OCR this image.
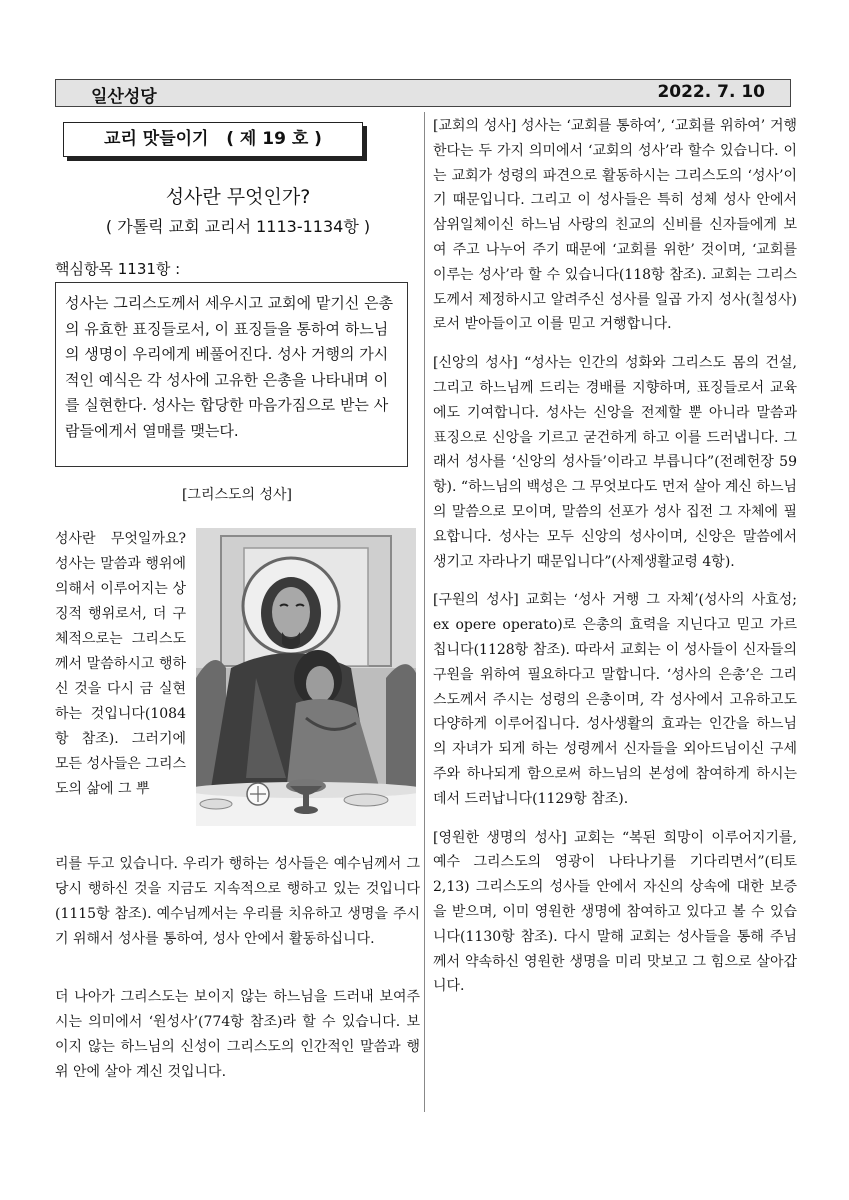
일산성당	2022. 7. 10
교리 맛들이기   ( 제 19 호 )
성사란 무엇인가?
( 가톨릭 교회 교리서 1113-1134항 )
핵심항목 1131항 :
성사는 그리스도께서 세우시고 교회에 맡기신 은총의 유효한 표징들로서, 이 표징들을 통하여 하느님의 생명이 우리에게 베풀어진다. 성사 거행의 가시적인 예식은 각 성사에 고유한 은총을 나타내며 이를 실현한다. 성사는 합당한 마음가짐으로 받는 사람들에게서 열매를 맺는다.
[그리스도의 성사]
성사란 무엇일까요? 성사는 말씀과 행위에 의해서 이루어지는 상징적 행위로서, 더 구체적으로는 그리스도께서 말씀하시고 행하신 것을 다시 금 실현하는 것입니다(1084항 참조). 그러기에 모든 성사들은 그리스도의 삶에 그 뿌
리를 두고 있습니다. 우리가 행하는 성사들은 예수님께서 그 당시 행하신 것을 지금도 지속적으로 행하고 있는 것입니다(1115항 참조). 예수님께서는 우리를 치유하고 생명을 주시기 위해서 성사를 통하여, 성사 안에서 활동하십니다.
더 나아가 그리스도는 보이지 않는 하느님을 드러내 보여주시는 의미에서 ‘원성사’(774항 참조)라 할 수 있습니다. 보이지 않는 하느님의 신성이 그리스도의 인간적인 말씀과 행위 안에 살아 계신 것입니다.

[교회의 성사] 성사는 ‘교회를 통하여’, ‘교회를 위하여’ 거행한다는 두 가지 의미에서 ‘교회의 성사’라 할수 있습니다. 이는 교회가 성령의 파견으로 활동하시는 그리스도의 ‘성사’이기 때문입니다. 그리고 이 성사들은 특히 성체 성사 안에서 삼위일체이신 하느님 사랑의 친교의 신비를 신자들에게 보여 주고 나누어 주기 때문에 ‘교회를 위한’ 것이며, ‘교회를 이루는 성사’라 할 수 있습니다(118항 참조). 교회는 그리스도께서 제정하시고 알려주신 성사를 일곱 가지 성사(칠성사)로서 받아들이고 이를 믿고 거행합니다.

[신앙의 성사] “성사는 인간의 성화와 그리스도 몸의 건설, 그리고 하느님께 드리는 경배를 지향하며, 표징들로서 교육에도 기여합니다. 성사는 신앙을 전제할 뿐 아니라 말씀과 표징으로 신앙을 기르고 굳건하게 하고 이를 드러냅니다. 그래서 성사를 ‘신앙의 성사들’이라고 부릅니다”(전례헌장 59항). “하느님의 백성은 그 무엇보다도 먼저 살아 계신 하느님의 말씀으로 모이며, 말씀의 선포가 성사 집전 그 자체에 필요합니다. 성사는 모두 신앙의 성사이며, 신앙은 말씀에서 생기고 자라나기 때문입니다”(사제생활교령 4항).

[구원의 성사] 교회는 ‘성사 거행 그 자체’(성사의 사효성; ex opere operato)로 은총의 효력을 지닌다고 믿고 가르칩니다(1128항 참조). 따라서 교회는 이 성사들이 신자들의 구원을 위하여 필요하다고 말합니다. ‘성사의 은총’은 그리스도께서 주시는 성령의 은총이며, 각 성사에서 고유하고도 다양하게 이루어집니다. 성사생활의 효과는 인간을 하느님의 자녀가 되게 하는 성령께서 신자들을 외아드님이신 구세주와 하나되게 함으로써 하느님의 본성에 참여하게 하시는 데서 드러납니다(1129항 참조).

[영원한 생명의 성사] 교회는 “복된 희망이 이루어지기를, 예수 그리스도의 영광이 나타나기를 기다리면서”(티토 2,13) 그리스도의 성사들 안에서 자신의 상속에 대한 보증을 받으며, 이미 영원한 생명에 참여하고 있다고 볼 수 있습니다(1130항 참조). 다시 말해 교회는 성사들을 통해 주님께서 약속하신 영원한 생명을 미리 맛보고 그 힘으로 살아갑니다.
